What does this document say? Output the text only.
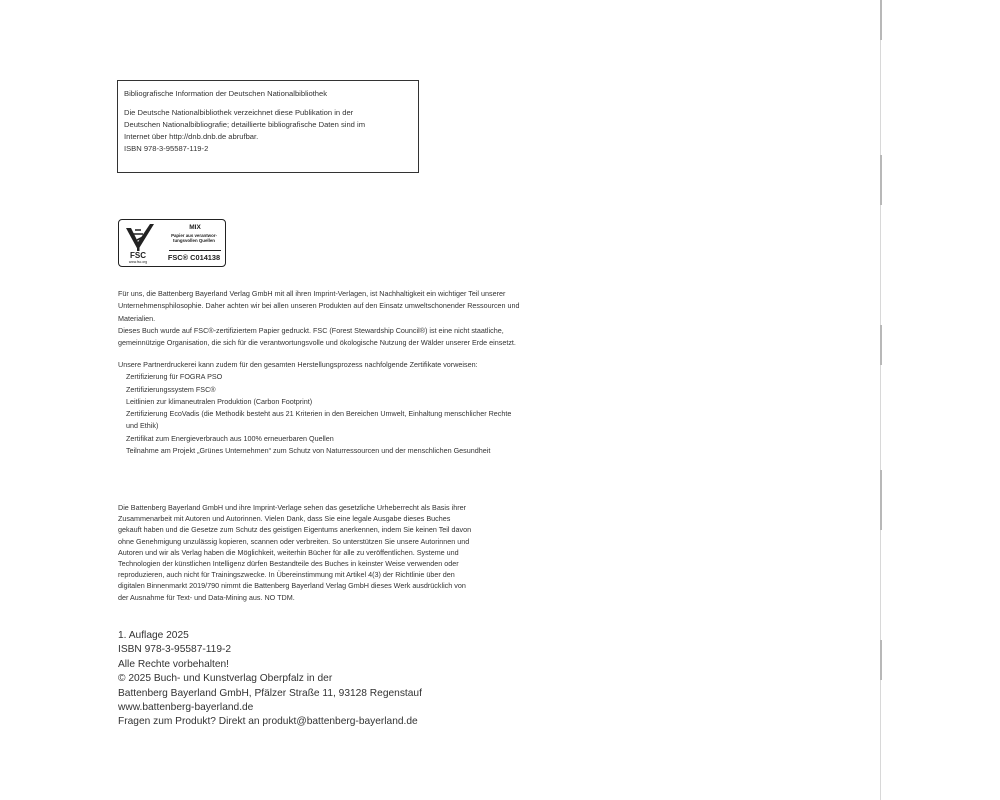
Bibliografische Information der Deutschen Nationalbibliothek
Die Deutsche Nationalbibliothek verzeichnet diese Publikation in der
Deutschen Nationalbibliografie; detaillierte bibliografische Daten sind im
Internet über http://dnb.dnb.de abrufbar.
ISBN 978-3-95587-119-2
FSC
www.fsc.org
MIX
Papier aus verantwor-
tungsvollen Quellen
FSC® C014138
Für uns, die Battenberg Bayerland Verlag GmbH mit all ihren Imprint-Verlagen, ist Nachhaltigkeit ein wichtiger Teil unserer
Unternehmensphilosophie. Daher achten wir bei allen unseren Produkten auf den Einsatz umweltschonender Ressourcen und
Materialien.
Dieses Buch wurde auf FSC®-zertifiziertem Papier gedruckt. FSC (Forest Stewardship Council®) ist eine nicht staatliche,
gemeinnützige Organisation, die sich für die verantwortungsvolle und ökologische Nutzung der Wälder unserer Erde einsetzt.
Unsere Partnerdruckerei kann zudem für den gesamten Herstellungsprozess nachfolgende Zertifikate vorweisen:
Zertifizierung für FOGRA PSO
Zertifizierungssystem FSC®
Leitlinien zur klimaneutralen Produktion (Carbon Footprint)
Zertifizierung EcoVadis (die Methodik besteht aus 21 Kriterien in den Bereichen Umwelt, Einhaltung menschlicher Rechte
und Ethik)
Zertifikat zum Energieverbrauch aus 100% erneuerbaren Quellen
Teilnahme am Projekt „Grünes Unternehmen“ zum Schutz von Naturressourcen und der menschlichen Gesundheit
Die Battenberg Bayerland GmbH und ihre Imprint-Verlage sehen das gesetzliche Urheberrecht als Basis ihrer
Zusammenarbeit mit Autoren und Autorinnen. Vielen Dank, dass Sie eine legale Ausgabe dieses Buches
gekauft haben und die Gesetze zum Schutz des geistigen Eigentums anerkennen, indem Sie keinen Teil davon
ohne Genehmigung unzulässig kopieren, scannen oder verbreiten. So unterstützen Sie unsere Autorinnen und
Autoren und wir als Verlag haben die Möglichkeit, weiterhin Bücher für alle zu veröffentlichen. Systeme und
Technologien der künstlichen Intelligenz dürfen Bestandteile des Buches in keinster Weise verwenden oder
reproduzieren, auch nicht für Trainingszwecke. In Übereinstimmung mit Artikel 4(3) der Richtlinie über den
digitalen Binnenmarkt 2019/790 nimmt die Battenberg Bayerland Verlag GmbH dieses Werk ausdrücklich von
der Ausnahme für Text- und Data-Mining aus. NO TDM.
1. Auflage 2025
ISBN 978-3-95587-119-2
Alle Rechte vorbehalten!
© 2025 Buch- und Kunstverlag Oberpfalz in der
Battenberg Bayerland GmbH, Pfälzer Straße 11, 93128 Regenstauf
www.battenberg-bayerland.de
Fragen zum Produkt? Direkt an produkt@battenberg-bayerland.de
